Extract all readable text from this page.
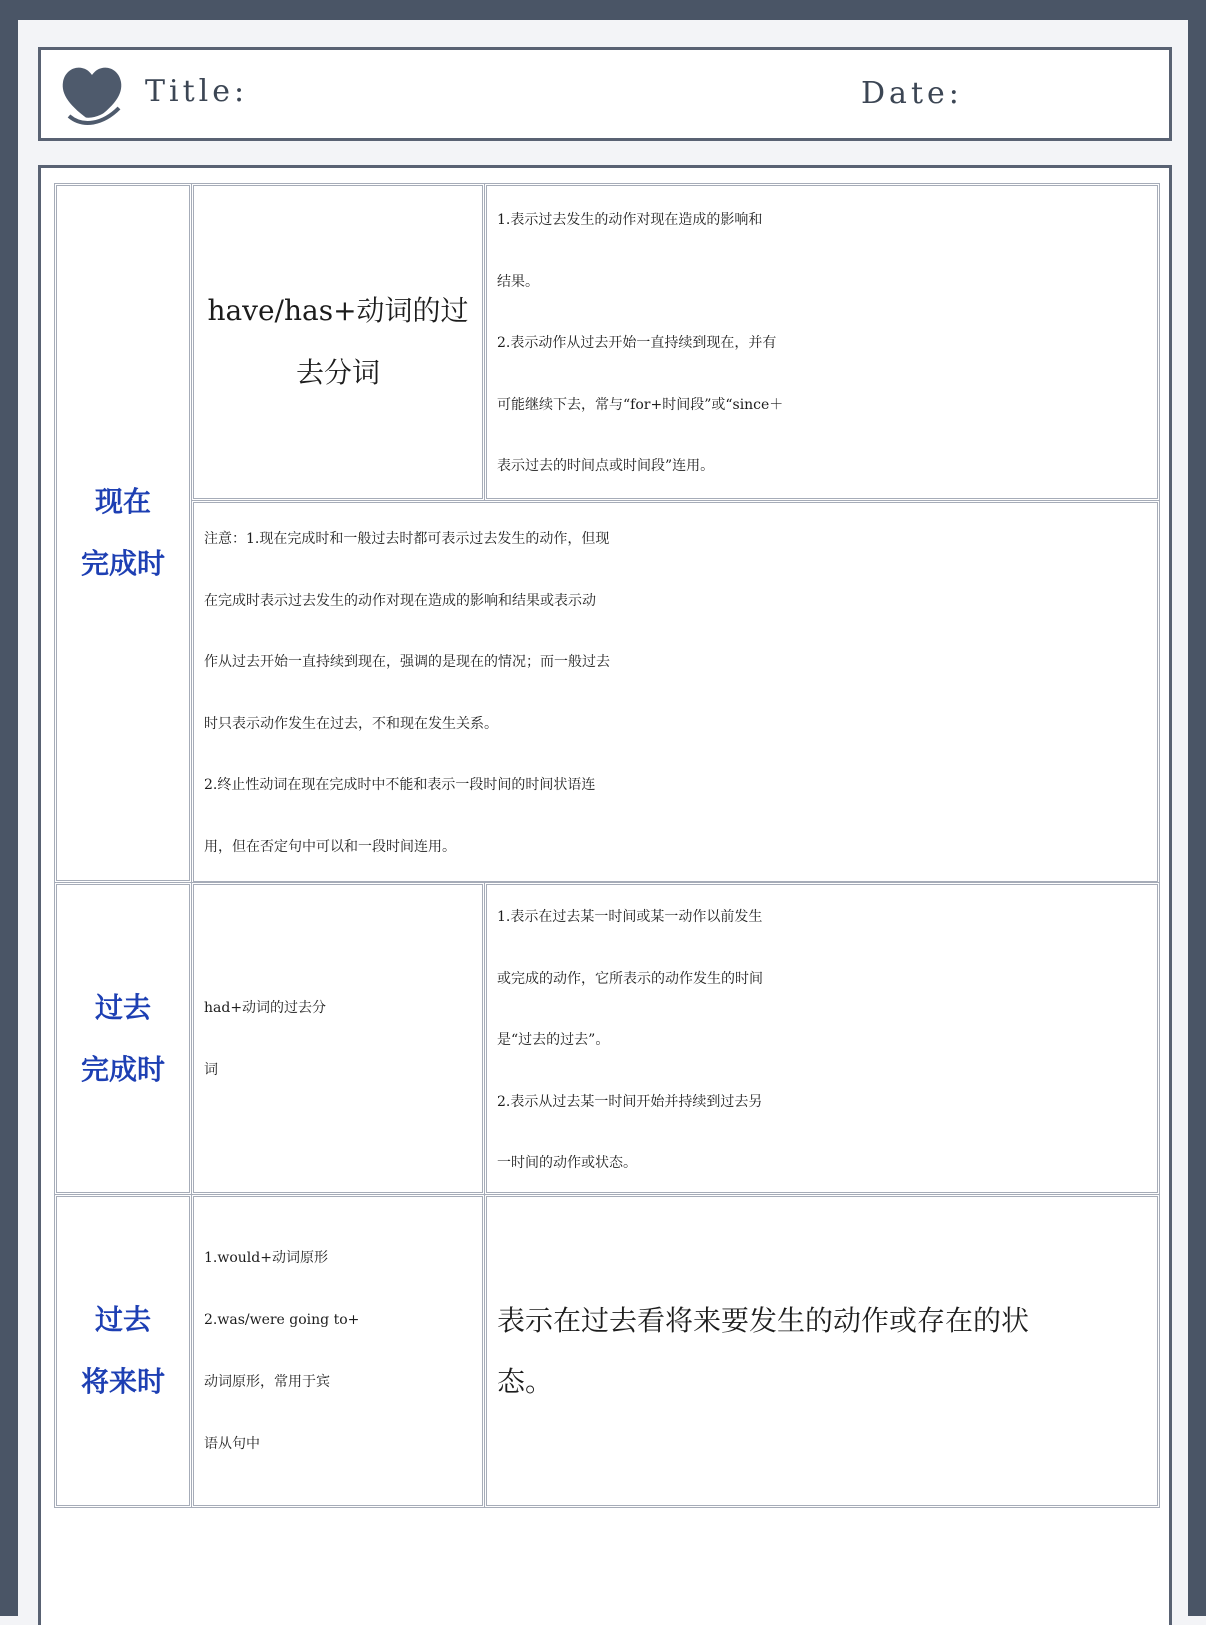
Title:	Date:
现在
完成时
have/has+动词的过
去分词
1.表示过去发生的动作对现在造成的影响和
结果。
2.表示动作从过去开始一直持续到现在，并有
可能继续下去，常与“for+时间段”或“since＋
表示过去的时间点或时间段”连用。
注意：1.现在完成时和一般过去时都可表示过去发生的动作，但现
在完成时表示过去发生的动作对现在造成的影响和结果或表示动
作从过去开始一直持续到现在，强调的是现在的情况；而一般过去
时只表示动作发生在过去，不和现在发生关系。
2.终止性动词在现在完成时中不能和表示一段时间的时间状语连
用，但在否定句中可以和一段时间连用。
过去
完成时
had+动词的过去分
词
1.表示在过去某一时间或某一动作以前发生
或完成的动作，它所表示的动作发生的时间
是“过去的过去”。
2.表示从过去某一时间开始并持续到过去另
一时间的动作或状态。
过去
将来时
1.would+动词原形
2.was/were going to+
动词原形，常用于宾
语从句中
表示在过去看将来要发生的动作或存在的状
态。
